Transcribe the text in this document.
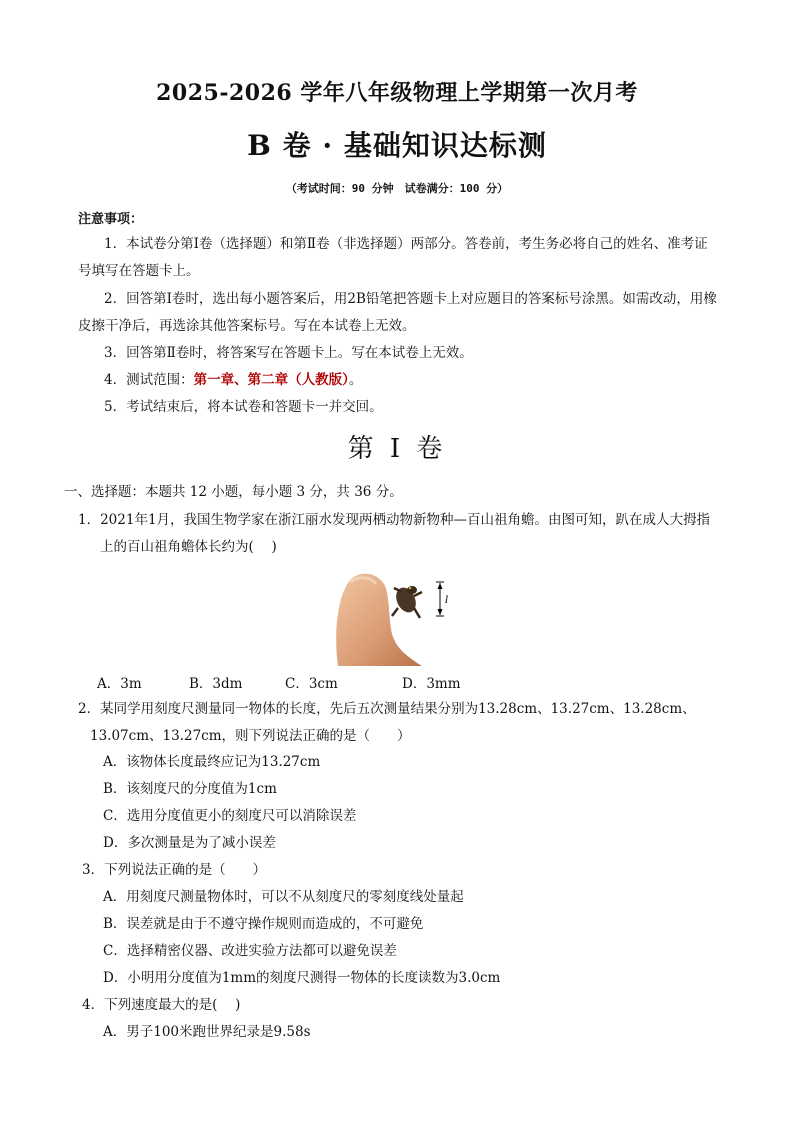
2025-2026 学年八年级物理上学期第一次月考
B 卷 · 基础知识达标测
（考试时间：90 分钟　试卷满分：100 分）
注意事项：
1．本试卷分第Ⅰ卷（选择题）和第Ⅱ卷（非选择题）两部分。答卷前，考生务必将自己的姓名、准考证号填写在答题卡上。
2．回答第Ⅰ卷时，选出每小题答案后，用2B铅笔把答题卡上对应题目的答案标号涂黑。如需改动，用橡皮擦干净后，再选涂其他答案标号。写在本试卷上无效。
3．回答第Ⅱ卷时，将答案写在答题卡上。写在本试卷上无效。
4．测试范围：第一章、第二章（人教版）。
5．考试结束后，将本试卷和答题卡一并交回。
第 I 卷
一、选择题：本题共 12 小题，每小题 3 分，共 36 分。
1．2021年1月，我国生物学家在浙江丽水发现两栖动物新物种—百山祖角蟾。由图可知，趴在成人大拇指
上的百山祖角蟾体长约为(　 )
l
A．3m	B．3dm	C．3cm	D．3mm
2．某同学用刻度尺测量同一物体的长度，先后五次测量结果分别为13.28cm、13.27cm、13.28cm、
13.07cm、13.27cm，则下列说法正确的是（　　）
A．该物体长度最终应记为13.27cm
B．该刻度尺的分度值为1cm
C．选用分度值更小的刻度尺可以消除误差
D．多次测量是为了减小误差
3．下列说法正确的是（　　）
A．用刻度尺测量物体时，可以不从刻度尺的零刻度线处量起
B．误差就是由于不遵守操作规则而造成的，不可避免
C．选择精密仪器、改进实验方法都可以避免误差
D．小明用分度值为1mm的刻度尺测得一物体的长度读数为3.0cm
4．下列速度最大的是(　 )
A．男子100米跑世界纪录是9.58s
